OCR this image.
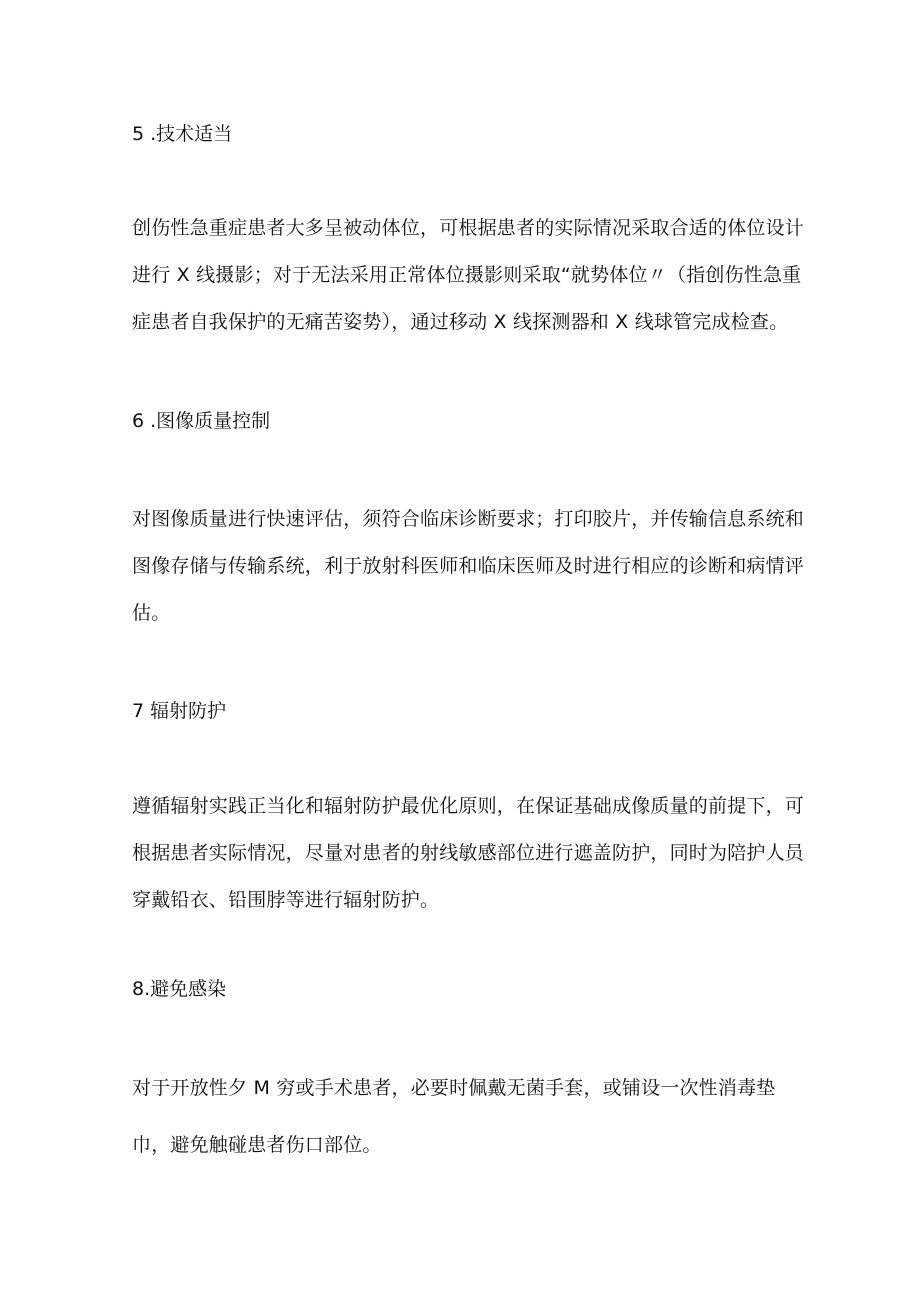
5 .技术适当
创伤性急重症患者大多呈被动体位，可根据患者的实际情况采取合适的体位设计
进行 X 线摄影；对于无法采用正常体位摄影则采取“就势体位〃（指创伤性急重
症患者自我保护的无痛苦姿势），通过移动 X 线探测器和 X 线球管完成检查。
6 .图像质量控制
对图像质量进行快速评估，须符合临床诊断要求；打印胶片，并传输信息系统和
图像存储与传输系统，利于放射科医师和临床医师及时进行相应的诊断和病情评
估。
7 辐射防护
遵循辐射实践正当化和辐射防护最优化原则，在保证基础成像质量的前提下，可
根据患者实际情况，尽量对患者的射线敏感部位进行遮盖防护，同时为陪护人员
穿戴铅衣、铅围脖等进行辐射防护。
8.避免感染
对于开放性夕 M 穷或手术患者，必要时佩戴无菌手套，或铺设一次性消毒垫
巾，避免触碰患者伤口部位。
